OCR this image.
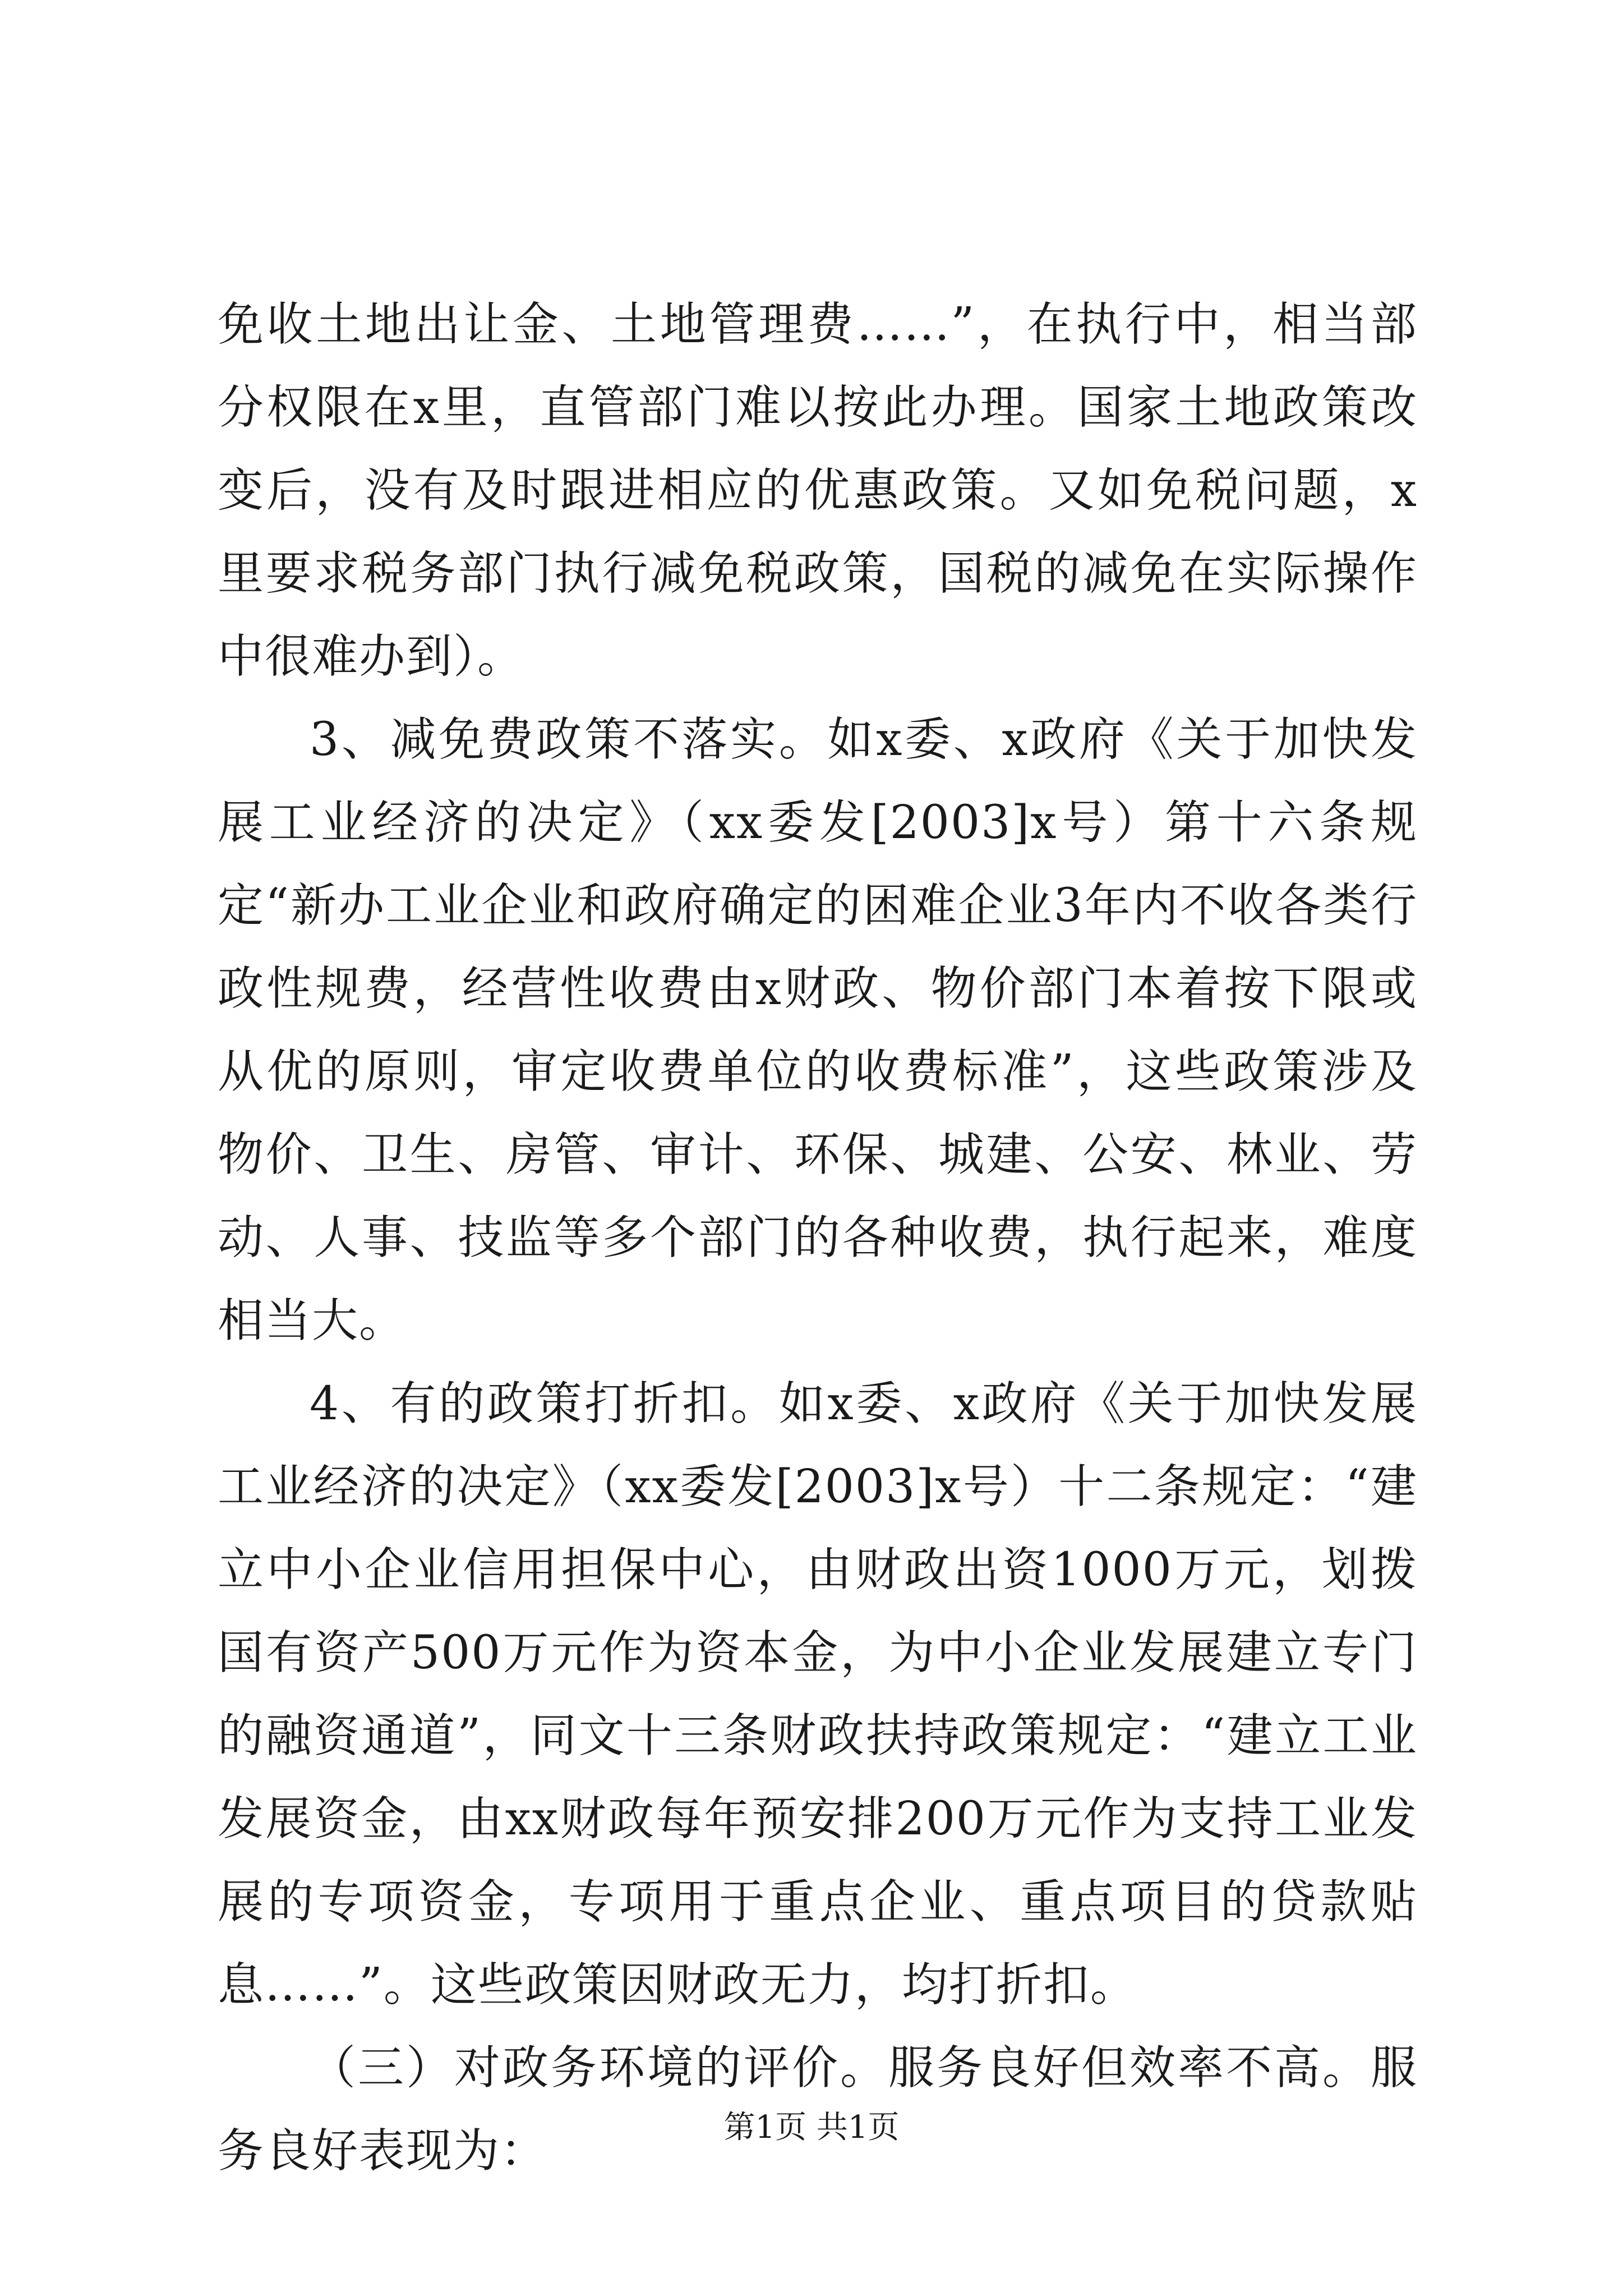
免收土地出让金、土地管理费……”，在执行中，相当部分权限在x里，直管部门难以按此办理。国家土地政策改变后，没有及时跟进相应的优惠政策。又如免税问题，x里要求税务部门执行减免税政策，国税的减免在实际操作中很难办到）。

3、减免费政策不落实。如x委、x政府《关于加快发展工业经济的决定》（xx委发[2003]x号）第十六条规定“新办工业企业和政府确定的困难企业3年内不收各类行政性规费，经营性收费由x财政、物价部门本着按下限或从优的原则，审定收费单位的收费标准”，这些政策涉及物价、卫生、房管、审计、环保、城建、公安、林业、劳动、人事、技监等多个部门的各种收费，执行起来，难度相当大。

4、有的政策打折扣。如x委、x政府《关于加快发展工业经济的决定》（xx委发[2003]x号）十二条规定：“建立中小企业信用担保中心，由财政出资1000万元，划拨国有资产500万元作为资本金，为中小企业发展建立专门的融资通道”，同文十三条财政扶持政策规定：“建立工业发展资金，由xx财政每年预安排200万元作为支持工业发展的专项资金，专项用于重点企业、重点项目的贷款贴息……”。这些政策因财政无力，均打折扣。

（三）对政务环境的评价。服务良好但效率不高。服务良好表现为：	第1页 共1页
